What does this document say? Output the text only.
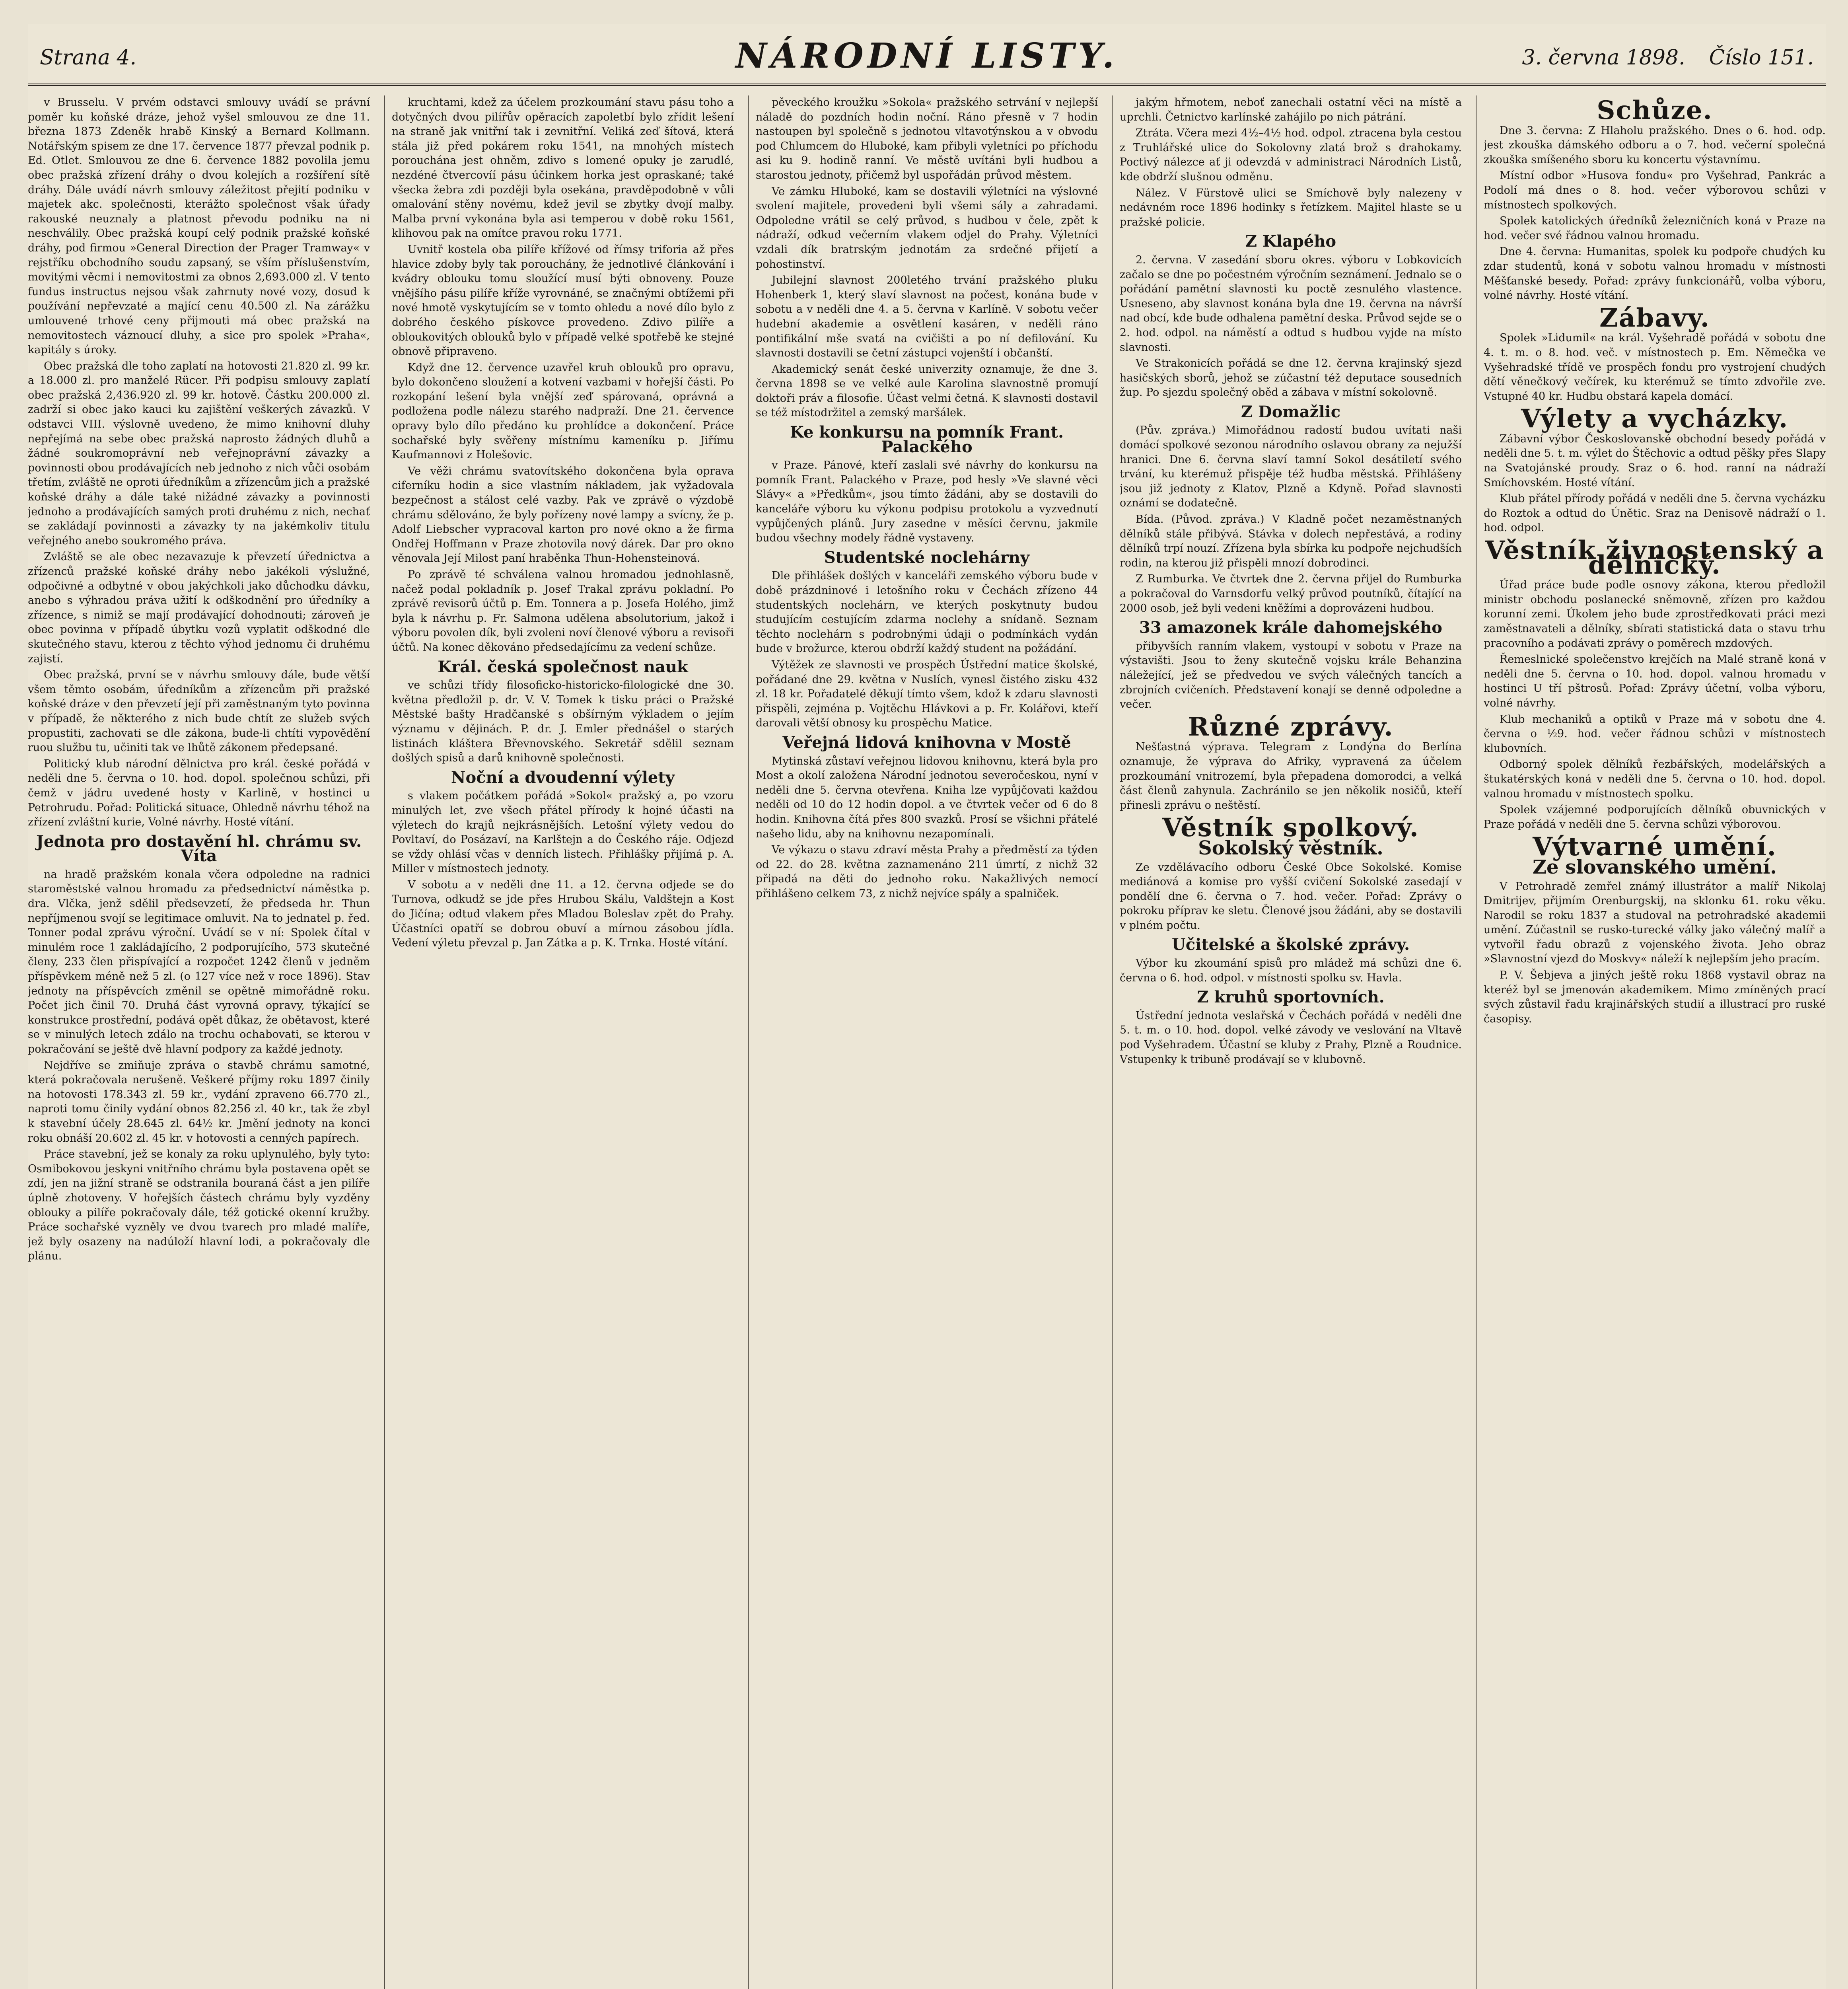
Strana 4.	NÁRODNÍ LISTY.	3. června 1898. Číslo 151.
v Brusselu. V prvém odstavci smlouvy uvádí se právní poměr ku koňské dráze, jehož vyšel smlouvou ze dne 11. března 1873 Zdeněk hrabě Kinský a Bernard Kollmann. Notářským spisem ze dne 17. července 1877 převzal podnik p. Ed. Otlet. Smlouvou ze dne 6. července 1882 povolila jemu obec pražská zřízení dráhy o dvou kolejích a rozšíření sítě dráhy. Dále uvádí návrh smlouvy záležitost přejití podniku v majetek akc. společnosti, kterážto společnost však úřady rakouské neuznaly a platnost převodu podniku na ni neschválily. Obec pražská koupí celý podnik pražské koňské dráhy, pod firmou »General Direction der Prager Tramway« v rejstříku obchodního soudu zapsaný, se vším příslušenstvím, movitými věcmi i nemovitostmi za obnos 2,693.000 zl. V tento fundus instructus nejsou však zahrnuty nové vozy, dosud k používání nepřevzaté a mající cenu 40.500 zl. Na zárážku umlouvené trhové ceny přijmouti má obec pražská na nemovitostech váznoucí dluhy, a sice pro spolek »Praha«, kapitály s úroky.
Obec pražská dle toho zaplatí na hotovosti 21.820 zl. 99 kr. a 18.000 zl. pro manželé Rücer. Při podpisu smlouvy zaplatí obec pražská 2,436.920 zl. 99 kr. hotově. Částku 200.000 zl. zadrží si obec jako kauci ku zajištění veškerých závazků. V odstavci VIII. výslovně uvedeno, že mimo knihovní dluhy nepřejímá na sebe obec pražská naprosto žádných dluhů a žádné soukromoprávní neb veřejnoprávní závazky a povinnosti obou prodávajících neb jednoho z nich vůči osobám třetím, zvláště ne oproti úředníkům a zřízencům jich a pražské koňské dráhy a dále také nižádné závazky a povinnosti jednoho a prodávajících samých proti druhému z nich, nechať se zakládají povinnosti a závazky ty na jakémkoliv titulu veřejného anebo soukromého práva.
Zvláště se ale obec nezavazuje k převzetí úřednictva a zřízenců pražské koňské dráhy nebo jakékoli výslužné, odpočivné a odbytné v obou jakýchkoli jako důchodku dávku, anebo s výhradou práva užití k odškodnění pro úředníky a zřízence, s nimiž se mají prodávající dohodnouti; zároveň je obec povinna v případě úbytku vozů vyplatit odškodné dle skutečného stavu, kterou z těchto výhod jednomu či druhému zajistí.
Obec pražská, první se v návrhu smlouvy dále, bude větší všem těmto osobám, úředníkům a zřízencům při pražské koňské dráze v den převzetí její při zaměstnaným tyto povinna v případě, že některého z nich bude chtít ze služeb svých propustiti, zachovati se dle zákona, bude-li chtíti vypovědění ruou službu tu, učiniti tak ve lhůtě zákonem předepsané.
Politický klub národní dělnictva pro král. české pořádá v neděli dne 5. června o 10. hod. dopol. společnou schůzi, při čemž v jádru uvedené hosty v Karlině, v hostinci u Petrohrudu. Pořad: Politická situace, Ohledně návrhu téhož na zřízení zvláštní kurie, Volné návrhy. Hosté vítání.
Jednota pro dostavění hl. chrámu sv. Víta
na hradě pražském konala včera odpoledne na radnici staroměstské valnou hromadu za předsednictví náměstka p. dra. Vlčka, jenž sdělil předsevzetí, že předseda hr. Thun nepříjmenou svojí se legitimace omluvit. Na to jednatel p. řed. Tonner podal zprávu výroční. Uvádí se v ní: Spolek čítal v minulém roce 1 zakládajícího, 2 podporujícího, 573 skutečné členy, 233 člen přispívající a rozpočet 1242 členů v jedněm příspěvkem méně než 5 zl. (o 127 více než v roce 1896). Stav jednoty na příspěvcích změnil se opětně mimořádně roku. Počet jich činil 70. Druhá část vyrovná opravy, týkající se konstrukce prostřední, podává opět důkaz, že obětavost, které se v minulých letech zdálo na trochu ochabovati, se kterou v pokračování se ještě dvě hlavní podpory za každé jednoty.
Nejdříve se zmiňuje zpráva o stavbě chrámu samotné, která pokračovala nerušeně. Veškeré příjmy roku 1897 činily na hotovosti 178.343 zl. 59 kr., vydání zpraveno 66.770 zl., naproti tomu činily vydání obnos 82.256 zl. 40 kr., tak že zbyl k stavební účely 28.645 zl. 64½ kr. Jmění jednoty na konci roku obnáší 20.602 zl. 45 kr. v hotovosti a cenných papírech.
Práce stavební, jež se konaly za roku uplynulého, byly tyto: Osmibokovou jeskyni vnitřního chrámu byla postavena opět se zdí, jen na jižní straně se odstranila bouraná část a jen pilíře úplně zhotoveny. V hořejších částech chrámu byly vyzděny oblouky a pilíře pokračovaly dále, též gotické okenní kružby. Práce sochařské vyzněly ve dvou tvarech pro mladé malíře, jež byly osazeny na nadúloží hlavní lodi, a pokračovaly dle plánu.
kruchtami, kdež za účelem prozkoumání stavu pásu toho a dotyčných dvou pilířův opěracích zapoletbí bylo zřídit lešení na straně jak vnitřní tak i zevnitřní. Veliká zeď šítová, která stála již před pokárem roku 1541, na mnohých místech porouchána jest ohněm, zdivo s lomené opuky je zarudlé, nezdéné čtvercovíí pásu účinkem horka jest opraskané; také všecka žebra zdi později byla osekána, pravděpodobně v vůli omalování stěny novému, kdež jevil se zbytky dvojí malby. Malba první vykonána byla asi temperou v době roku 1561, klihovou pak na omítce pravou roku 1771.
Uvnitř kostela oba pilíře křížové od římsy triforia až přes hlavice zdoby byly tak porouchány, že jednotlivé článkování i kvádry oblouku tomu sloužící musí býti obnoveny. Pouze vnějšího pásu pilíře kříže vyrovnáné, se značnými obtížemi při nové hmotě vyskytujícím se v tomto ohledu a nové dílo bylo z dobrého českého pískovce provedeno. Zdivo pilíře a obloukovitých oblouků bylo v případě velké spotřebě ke stejné obnově připraveno.
Když dne 12. července uzavřel kruh oblouků pro opravu, bylo dokončeno sloužení a kotvení vazbami v hořejší části. Po rozkopání lešení byla vnější zeď spárovaná, oprávná a podložena podle nálezu starého nadpraží. Dne 21. července opravy bylo dílo předáno ku prohlídce a dokončení. Práce sochařské byly svěřeny místnímu kameníku p. Jiřímu Kaufmannovi z Holešovic.
Ve věži chrámu svatovítského dokončena byla oprava ciferníku hodin a sice vlastním nákladem, jak vyžadovala bezpečnost a stálost celé vazby. Pak ve zprávě o výzdobě chrámu sdělováno, že byly pořízeny nové lampy a svícny, že p. Adolf Liebscher vypracoval karton pro nové okno a že firma Ondřej Hoffmann v Praze zhotovila nový dárek. Dar pro okno věnovala Její Milost paní hraběnka Thun-Hohensteinová.
Po zprávě té schválena valnou hromadou jednohlasně, načež podal pokladník p. Josef Trakal zprávu pokladní. Po zprávě revisorů účtů p. Em. Tonnera a p. Josefa Holého, jimž byla k návrhu p. Fr. Salmona udělena absolutorium, jakož i výboru povolen dík, byli zvoleni noví členové výboru a revisoři účtů. Na konec děkováno předsedajícímu za vedení schůze.
Král. česká společnost nauk
ve schůzi třídy filosoficko-historicko-filologické dne 30. května předložil p. dr. V. V. Tomek k tisku práci o Pražské Městské bašty Hradčanské s obšírným výkladem o jejím významu v dějinách. P. dr. J. Emler přednášel o starých listinách kláštera Břevnovského. Sekretář sdělil seznam došlých spisů a darů knihovně společnosti.
Noční a dvoudenní výlety
s vlakem počátkem pořádá »Sokol« pražský a, po vzoru minulých let, zve všech přátel přírody k hojné účasti na výletech do krajů nejkrásnějších. Letošní výlety vedou do Povltaví, do Posázaví, na Karlštejn a do Českého ráje. Odjezd se vždy ohlásí včas v denních listech. Přihlášky přijímá p. A. Miller v místnostech jednoty.
V sobotu a v neděli dne 11. a 12. června odjede se do Turnova, odkudž se jde přes Hrubou Skálu, Valdštejn a Kost do Jičína; odtud vlakem přes Mladou Boleslav zpět do Prahy. Účastníci opatří se dobrou obuví a mírnou zásobou jídla. Vedení výletu převzal p. Jan Zátka a p. K. Trnka. Hosté vítání.
pěveckého kroužku »Sokola« pražského setrvání v nejlepší náladě do pozdních hodin noční. Ráno přesně v 7 hodin nastoupen byl společně s jednotou vltavotýnskou a v obvodu pod Chlumcem do Hluboké, kam přibyli vyletníci po příchodu asi ku 9. hodině ranní. Ve městě uvítáni byli hudbou a starostou jednoty, přičemž byl uspořádán průvod městem.
Ve zámku Hluboké, kam se dostavili výletníci na výslovné svolení majitele, provedeni byli všemi sály a zahradami. Odpoledne vrátil se celý průvod, s hudbou v čele, zpět k nádraží, odkud večerním vlakem odjel do Prahy. Výletníci vzdali dík bratrským jednotám za srdečné přijetí a pohostinství.
Jubilejní slavnost 200letého trvání pražského pluku Hohenberk 1, který slaví slavnost na počest, konána bude v sobotu a v neděli dne 4. a 5. června v Karlíně. V sobotu večer hudební akademie a osvětlení kasáren, v neděli ráno pontifikální mše svatá na cvičišti a po ní defilování. Ku slavnosti dostavili se četní zástupci vojenští i občanští.
Akademický senát české univerzity oznamuje, že dne 3. června 1898 se ve velké aule Karolina slavnostně promují doktoři práv a filosofie. Účast velmi četná. K slavnosti dostavil se též místodržitel a zemský maršálek.
Ke konkursu na pomník Frant. Palackého
v Praze. Pánové, kteří zaslali své návrhy do konkursu na pomník Frant. Palackého v Praze, pod hesly »Ve slavné věci Slávy« a »Předkům«, jsou tímto žádáni, aby se dostavili do kanceláře výboru ku výkonu podpisu protokolu a vyzvednutí vypůjčených plánů. Jury zasedne v měsíci červnu, jakmile budou všechny modely řádně vystaveny.
Studentské noclehárny
Dle přihlášek došlých v kanceláři zemského výboru bude v době prázdninové i letošního roku v Čechách zřízeno 44 studentských noclehárn, ve kterých poskytnuty budou studujícím cestujícím zdarma noclehy a snídaně. Seznam těchto noclehárn s podrobnými údaji o podmínkách vydán bude v brožurce, kterou obdrží každý student na požádání.
Výtěžek ze slavnosti ve prospěch Ústřední matice školské, pořádané dne 29. května v Nuslích, vynesl čistého zisku 432 zl. 18 kr. Pořadatelé děkují tímto všem, kdož k zdaru slavnosti přispěli, zejména p. Vojtěchu Hlávkovi a p. Fr. Kolářovi, kteří darovali větší obnosy ku prospěchu Matice.
Veřejná lidová knihovna v Mostě
Mytinská zůstaví veřejnou lidovou knihovnu, která byla pro Most a okolí založena Národní jednotou severočeskou, nyní v neděli dne 5. června otevřena. Kniha lze vypůjčovati každou neděli od 10 do 12 hodin dopol. a ve čtvrtek večer od 6 do 8 hodin. Knihovna čítá přes 800 svazků. Prosí se všichni přátelé našeho lidu, aby na knihovnu nezapomínali.
Ve výkazu o stavu zdraví města Prahy a předměstí za týden od 22. do 28. května zaznamenáno 211 úmrtí, z nichž 32 připadá na děti do jednoho roku. Nakažlivých nemocí přihlášeno celkem 73, z nichž nejvíce spály a spalniček.
jakým hřmotem, neboť zanechali ostatní věci na místě a uprchli. Četnictvo karlínské zahájilo po nich pátrání.
Ztráta. Včera mezi 4½–4½ hod. odpol. ztracena byla cestou z Truhlářské ulice do Sokolovny zlatá brož s drahokamy. Poctivý nálezce ať ji odevzdá v administraci Národních Listů, kde obdrží slušnou odměnu.
Nález. V Fürstově ulici se Smíchově byly nalezeny v nedávném roce 1896 hodinky s řetízkem. Majitel hlaste se u pražské policie.
Z Klapého
2. června. V zasedání sboru okres. výboru v Lobkovicích začalo se dne po počestném výročním seznámení. Jednalo se o pořádání pamětní slavnosti ku poctě zesnulého vlastence. Usneseno, aby slavnost konána byla dne 19. června na návrší nad obcí, kde bude odhalena pamětní deska. Průvod sejde se o 2. hod. odpol. na náměstí a odtud s hudbou vyjde na místo slavnosti.
Ve Strakonicích pořádá se dne 12. června krajinský sjezd hasičských sborů, jehož se zúčastní též deputace sousedních žup. Po sjezdu společný oběd a zábava v místní sokolovně.
Z Domažlic
(Pův. zpráva.) Mimořádnou radostí budou uvítati naši domácí spolkové sezonou národního oslavou obrany za nejužší hranici. Dne 6. června slaví tamní Sokol desátiletí svého trvání, ku kterémuž přispěje též hudba městská. Přihlášeny jsou již jednoty z Klatov, Plzně a Kdyně. Pořad slavnosti oznámí se dodatečně.
Bída. (Původ. zpráva.) V Kladně počet nezaměstnaných dělníků stále přibývá. Stávka v dolech nepřestává, a rodiny dělníků trpí nouzí. Zřízena byla sbírka ku podpoře nejchudších rodin, na kterou již přispěli mnozí dobrodinci.
Z Rumburka. Ve čtvrtek dne 2. června přijel do Rumburka a pokračoval do Varnsdorfu velký průvod poutníků, čítající na 2000 osob, jež byli vedeni kněžími a doprovázeni hudbou.
33 amazonek krále dahomejského
přibyvších ranním vlakem, vystoupí v sobotu v Praze na výstavišti. Jsou to ženy skutečně vojsku krále Behanzina náležející, jež se předvedou ve svých válečných tancích a zbrojních cvičeních. Představení konají se denně odpoledne a večer.
Různé zprávy.
Nešťastná výprava. Telegram z Londýna do Berlína oznamuje, že výprava do Afriky, vypravená za účelem prozkoumání vnitrozemí, byla přepadena domorodci, a velká část členů zahynula. Zachránilo se jen několik nosičů, kteří přinesli zprávu o neštěstí.
Věstník spolkový.
Sokolský věstník.
Ze vzdělávacího odboru České Obce Sokolské. Komise mediánová a komise pro vyšší cvičení Sokolské zasedají v pondělí dne 6. června o 7. hod. večer. Pořad: Zprávy o pokroku příprav ke sletu. Členové jsou žádáni, aby se dostavili v plném počtu.
Učitelské a školské zprávy.
Výbor ku zkoumání spisů pro mládež má schůzi dne 6. června o 6. hod. odpol. v místnosti spolku sv. Havla.
Z kruhů sportovních.
Ústřední jednota veslařská v Čechách pořádá v neděli dne 5. t. m. o 10. hod. dopol. velké závody ve veslování na Vltavě pod Vyšehradem. Účastní se kluby z Prahy, Plzně a Roudnice. Vstupenky k tribuně prodávají se v klubovně.
Schůze.
Dne 3. června: Z Hlaholu pražského. Dnes o 6. hod. odp. jest zkouška dámského odboru a o 7. hod. večerní společná zkouška smíšeného sboru ku koncertu výstavnímu.
Místní odbor »Husova fondu« pro Vyšehrad, Pankrác a Podolí má dnes o 8. hod. večer výborovou schůzi v místnostech spolkových.
Spolek katolických úředníků železničních koná v Praze na hod. večer své řádnou valnou hromadu.
Dne 4. června: Humanitas, spolek ku podpoře chudých ku zdar studentů, koná v sobotu valnou hromadu v místnosti Měšťanské besedy. Pořad: zprávy funkcionářů, volba výboru, volné návrhy. Hosté vítání.
Zábavy.
Spolek »Lidumil« na král. Vyšehradě pořádá v sobotu dne 4. t. m. o 8. hod. več. v místnostech p. Em. Němečka ve Vyšehradské třídě ve prospěch fondu pro vystrojení chudých dětí věnečkový večírek, ku kterémuž se tímto zdvořile zve. Vstupné 40 kr. Hudbu obstará kapela domácí.
Výlety a vycházky.
Zábavní výbor Českoslovanské obchodní besedy pořádá v neděli dne 5. t. m. výlet do Štěchovic a odtud pěšky přes Slapy na Svatojánské proudy. Sraz o 6. hod. ranní na nádraží Smíchovském. Hosté vítání.
Klub přátel přírody pořádá v neděli dne 5. června vycházku do Roztok a odtud do Únětic. Sraz na Denisově nádraží o 1. hod. odpol.
Věstník živnostenský a dělnický.
Úřad práce bude podle osnovy zákona, kterou předložil ministr obchodu poslanecké sněmovně, zřízen pro každou korunní zemi. Úkolem jeho bude zprostředkovati práci mezi zaměstnavateli a dělníky, sbírati statistická data o stavu trhu pracovního a podávati zprávy o poměrech mzdových.
Řemeslnické společenstvo krejčích na Malé straně koná v neděli dne 5. června o 10. hod. dopol. valnou hromadu v hostinci U tří pštrosů. Pořad: Zprávy účetní, volba výboru, volné návrhy.
Klub mechaniků a optiků v Praze má v sobotu dne 4. června o ½9. hod. večer řádnou schůzi v místnostech klubovních.
Odborný spolek dělníků řezbářských, modelářských a štukatérských koná v neděli dne 5. června o 10. hod. dopol. valnou hromadu v místnostech spolku.
Spolek vzájemné podporujících dělníků obuvnických v Praze pořádá v neděli dne 5. června schůzi výborovou.
Výtvarné umění.
Ze slovanského umění.
V Petrohradě zemřel známý illustrátor a malíř Nikolaj Dmitrijev, přijmím Orenburgskij, na sklonku 61. roku věku. Narodil se roku 1837 a studoval na petrohradské akademii umění. Zúčastnil se rusko-turecké války jako válečný malíř a vytvořil řadu obrazů z vojenského života. Jeho obraz »Slavnostní vjezd do Moskvy« náleží k nejlepším jeho pracím.
P. V. Šebjeva a jiných ještě roku 1868 vystavil obraz na kteréž byl se jmenován akademikem. Mimo zmíněných prací svých zůstavil řadu krajinářských studií a illustrací pro ruské časopisy.
